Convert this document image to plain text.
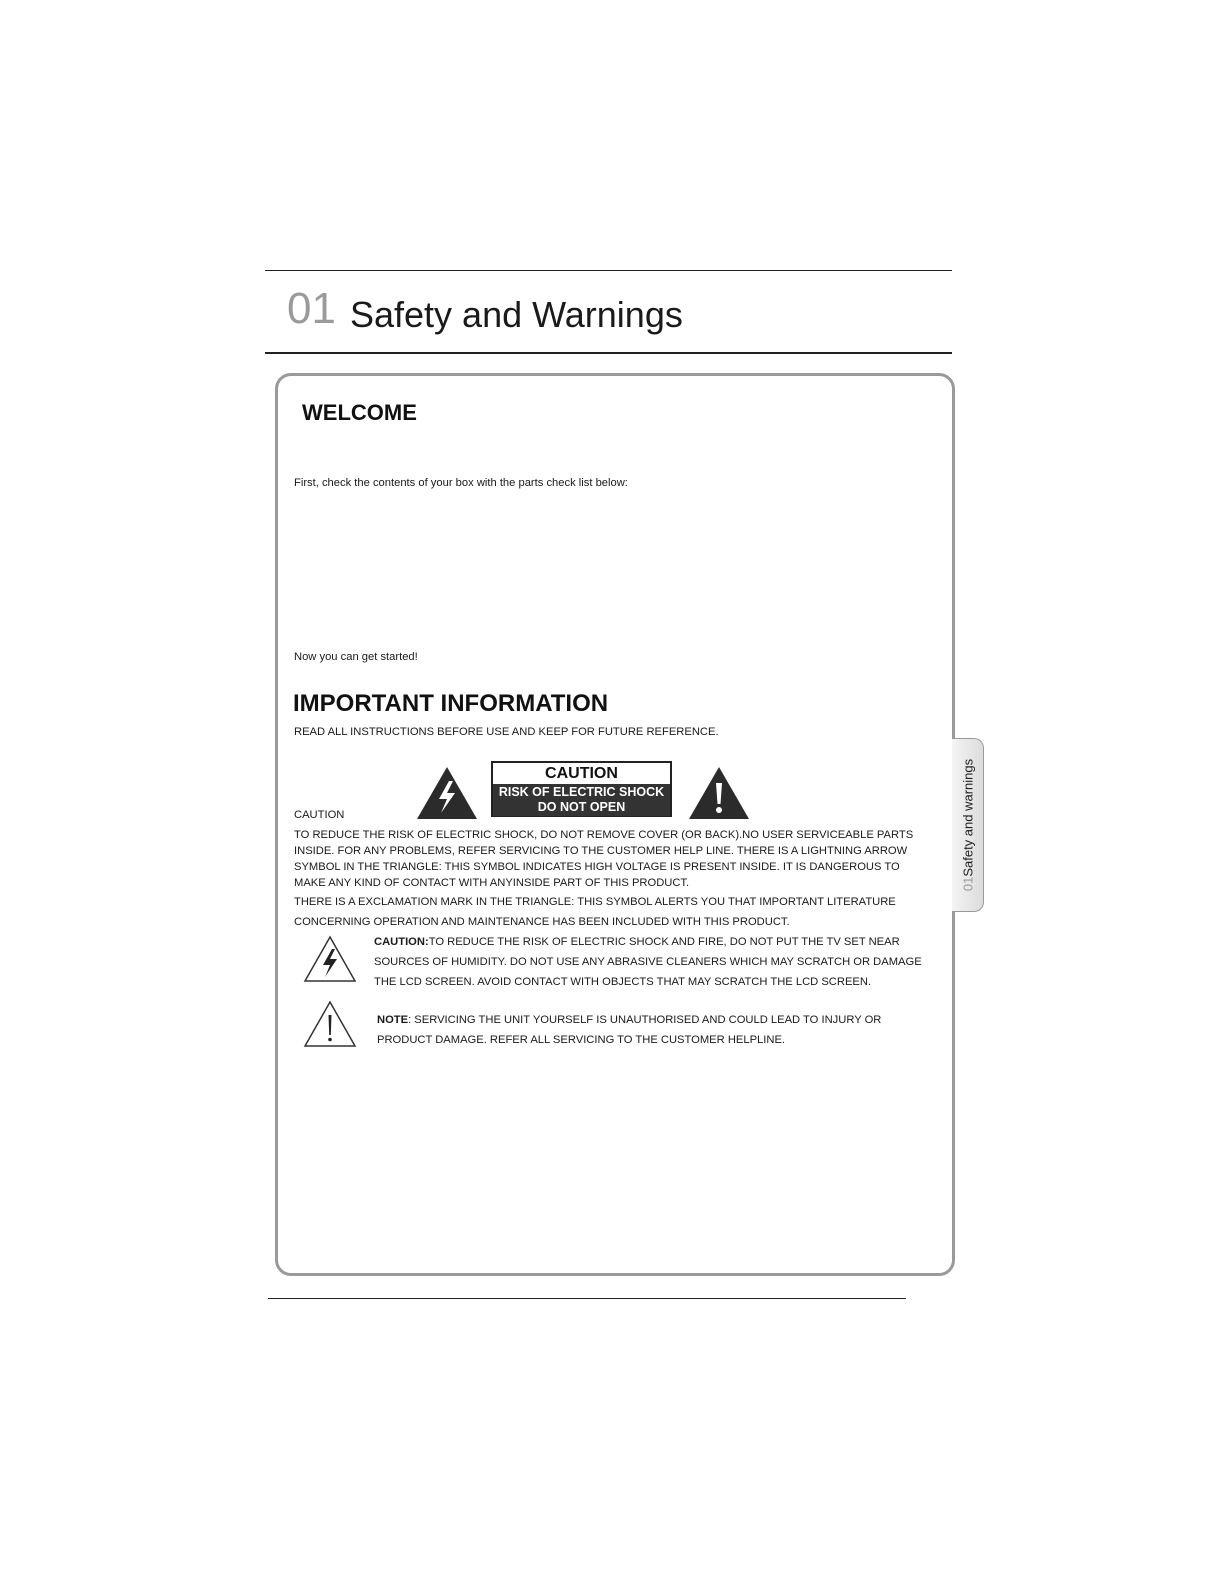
01 Safety and Warnings
WELCOME
First, check the contents of your box with the parts check list below:
Now you can get started!
IMPORTANT INFORMATION
READ ALL INSTRUCTIONS BEFORE USE AND KEEP FOR FUTURE REFERENCE.
CAUTION
RISK OF ELECTRIC SHOCK
DO NOT OPEN
CAUTION
TO REDUCE THE RISK OF ELECTRIC SHOCK, DO NOT REMOVE COVER (OR BACK).NO USER SERVICEABLE PARTS INSIDE. FOR ANY PROBLEMS, REFER SERVICING TO THE CUSTOMER HELP LINE. THERE IS A LIGHTNING ARROW SYMBOL IN THE TRIANGLE: THIS SYMBOL INDICATES HIGH VOLTAGE IS PRESENT INSIDE. IT IS DANGEROUS TO MAKE ANY KIND OF CONTACT WITH ANYINSIDE PART OF THIS PRODUCT.
THERE IS A EXCLAMATION MARK IN THE TRIANGLE: THIS SYMBOL ALERTS YOU THAT IMPORTANT LITERATURE CONCERNING OPERATION AND MAINTENANCE HAS BEEN INCLUDED WITH THIS PRODUCT.
CAUTION:TO REDUCE THE RISK OF ELECTRIC SHOCK AND FIRE, DO NOT PUT THE TV SET NEAR SOURCES OF HUMIDITY. DO NOT USE ANY ABRASIVE CLEANERS WHICH MAY SCRATCH OR DAMAGE THE LCD SCREEN. AVOID CONTACT WITH OBJECTS THAT MAY SCRATCH THE LCD SCREEN.
NOTE: SERVICING THE UNIT YOURSELF IS UNAUTHORISED AND COULD LEAD TO INJURY OR PRODUCT DAMAGE. REFER ALL SERVICING TO THE CUSTOMER HELPLINE.
01Safety and warnings
